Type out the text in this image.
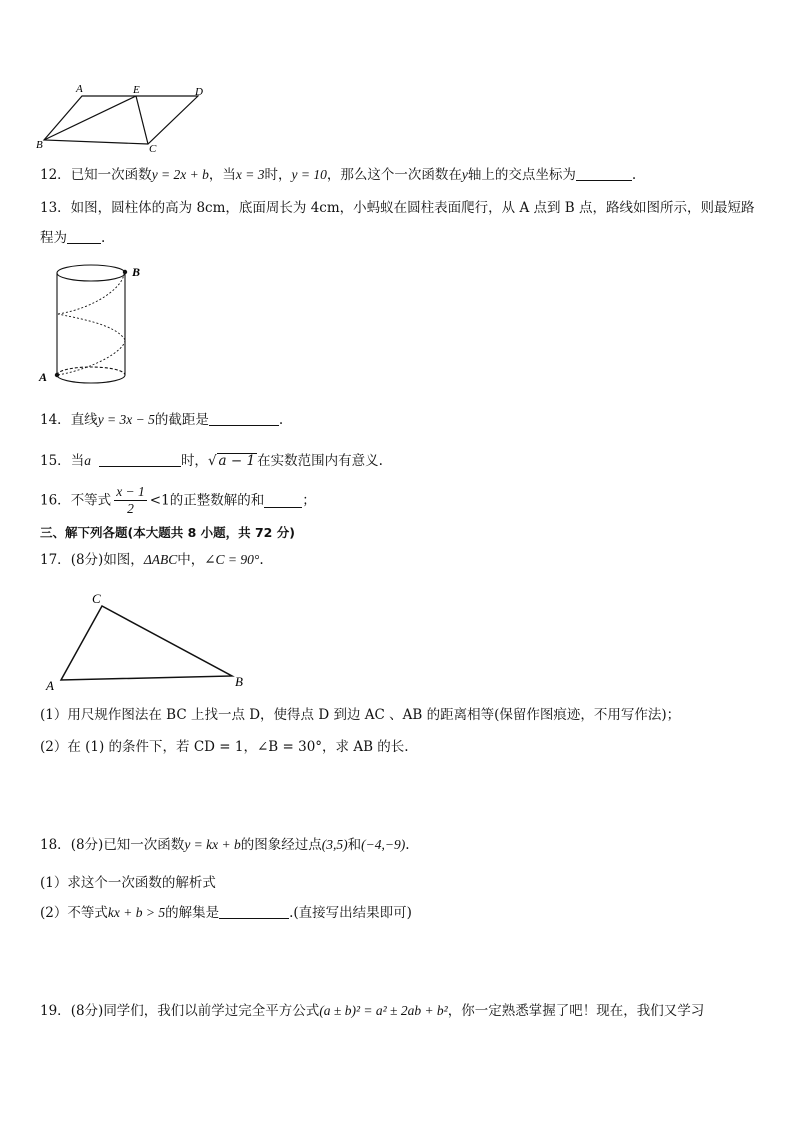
A	E	D
B	C
12．已知一次函数y = 2x + b，当x = 3时，y = 10，那么这个一次函数在y轴上的交点坐标为	.
13．如图，圆柱体的高为 8cm，底面周长为 4cm，小蚂蚁在圆柱表面爬行，从 A 点到 B 点，路线如图所示，则最短路
程为	.
B
A
14．直线y = 3x − 5的截距是	.
15．当a	时，√ a − 1 在实数范围内有意义.
16．不等式 $\frac{x - 1}{2} <1$的正整数解的和	；
三、解下列各题(本大题共 8 小题，共 72 分)
17．(8分)如图，ΔABC中，∠C = 90°.
C
A	B
(1）用尺规作图法在 BC 上找一点 D，使得点 D 到边 AC 、AB 的距离相等(保留作图痕迹，不用写作法)；
(2）在 (1) 的条件下，若 CD = 1，∠B = 30°，求 AB 的长.
18．(8分)已知一次函数y = kx + b的图象经过点(3,5)和(−4,−9).
(1）求这个一次函数的解析式
(2）不等式kx + b > 5的解集是	.(直接写出结果即可)
19．(8分)同学们，我们以前学过完全平方公式(a ± b)² = a² ± 2ab + b²，你一定熟悉掌握了吧！现在，我们又学习
